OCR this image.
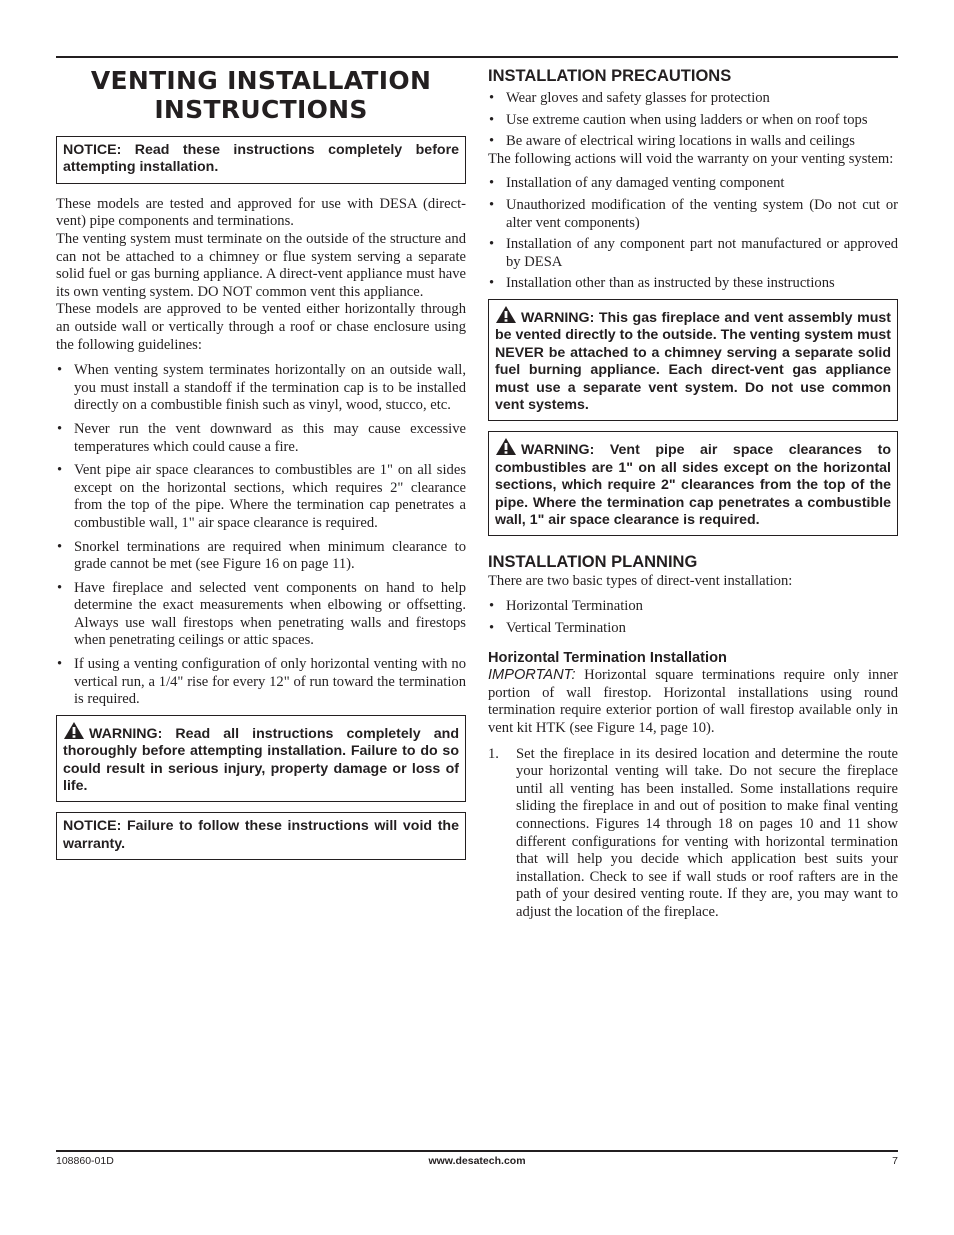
VENTING INSTALLATION INSTRUCTIONS
NOTICE: Read these instructions completely before attempting installation.

These models are tested and approved for use with DESA (direct-vent) pipe components and terminations.

The venting system must terminate on the outside of the structure and can not be attached to a chimney or flue system serving a separate solid fuel or gas burning appliance. A direct-vent appliance must have its own venting system. DO NOT common vent this appliance.

These models are approved to be vented either horizontally through an outside wall or vertically through a roof or chase enclosure using the following guidelines:

• When venting system terminates horizontally on an outside wall, you must install a standoff if the termination cap is to be installed directly on a combustible finish such as vinyl, wood, stucco, etc.
• Never run the vent downward as this may cause excessive temperatures which could cause a fire.
• Vent pipe air space clearances to combustibles are 1" on all sides except on the horizontal sections, which requires 2" clearance from the top of the pipe. Where the termination cap penetrates a combustible wall, 1" air space clearance is required.
• Snorkel terminations are required when minimum clearance to grade cannot be met (see Figure 16 on page 11).
• Have fireplace and selected vent components on hand to help determine the exact measurements when elbowing or offsetting. Always use wall firestops when penetrating walls and firestops when penetrating ceilings or attic spaces.
• If using a venting configuration of only horizontal venting with no vertical run, a 1/4" rise for every 12" of run toward the termination is required.
WARNING: Read all instructions completely and thoroughly before attempting installation. Failure to do so could result in serious injury, property damage or loss of life.
NOTICE: Failure to follow these instructions will void the warranty.
INSTALLATION PRECAUTIONS
• Wear gloves and safety glasses for protection
• Use extreme caution when using ladders or when on roof tops
• Be aware of electrical wiring locations in walls and ceilings

The following actions will void the warranty on your venting system:

• Installation of any damaged venting component
• Unauthorized modification of the venting system (Do not cut or alter vent components)
• Installation of any component part not manufactured or approved by DESA
• Installation other than as instructed by these instructions
WARNING: This gas fireplace and vent assembly must be vented directly to the outside. The venting system must NEVER be attached to a chimney serving a separate solid fuel burning appliance. Each direct-vent gas appliance must use a separate vent system. Do not use common vent systems.
WARNING: Vent pipe air space clearances to combustibles are 1" on all sides except on the horizontal sections, which require 2" clearances from the top of the pipe. Where the termination cap penetrates a combustible wall, 1" air space clearance is required.
INSTALLATION PLANNING

There are two basic types of direct-vent installation:

• Horizontal Termination
• Vertical Termination
Horizontal Termination Installation

IMPORTANT: Horizontal square terminations require only inner portion of wall firestop. Horizontal installations using round termination require exterior portion of wall firestop available only in vent kit HTK (see Figure 14, page 10).

1. Set the fireplace in its desired location and determine the route your horizontal venting will take. Do not secure the fireplace until all venting has been installed. Some installations require sliding the fireplace in and out of position to make final venting connections. Figures 14 through 18 on pages 10 and 11 show different configurations for venting with horizontal termination that will help you decide which application best suits your installation. Check to see if wall studs or roof rafters are in the path of your desired venting route. If they are, you may want to adjust the location of the fireplace.
108860-01D	www.desatech.com	7
